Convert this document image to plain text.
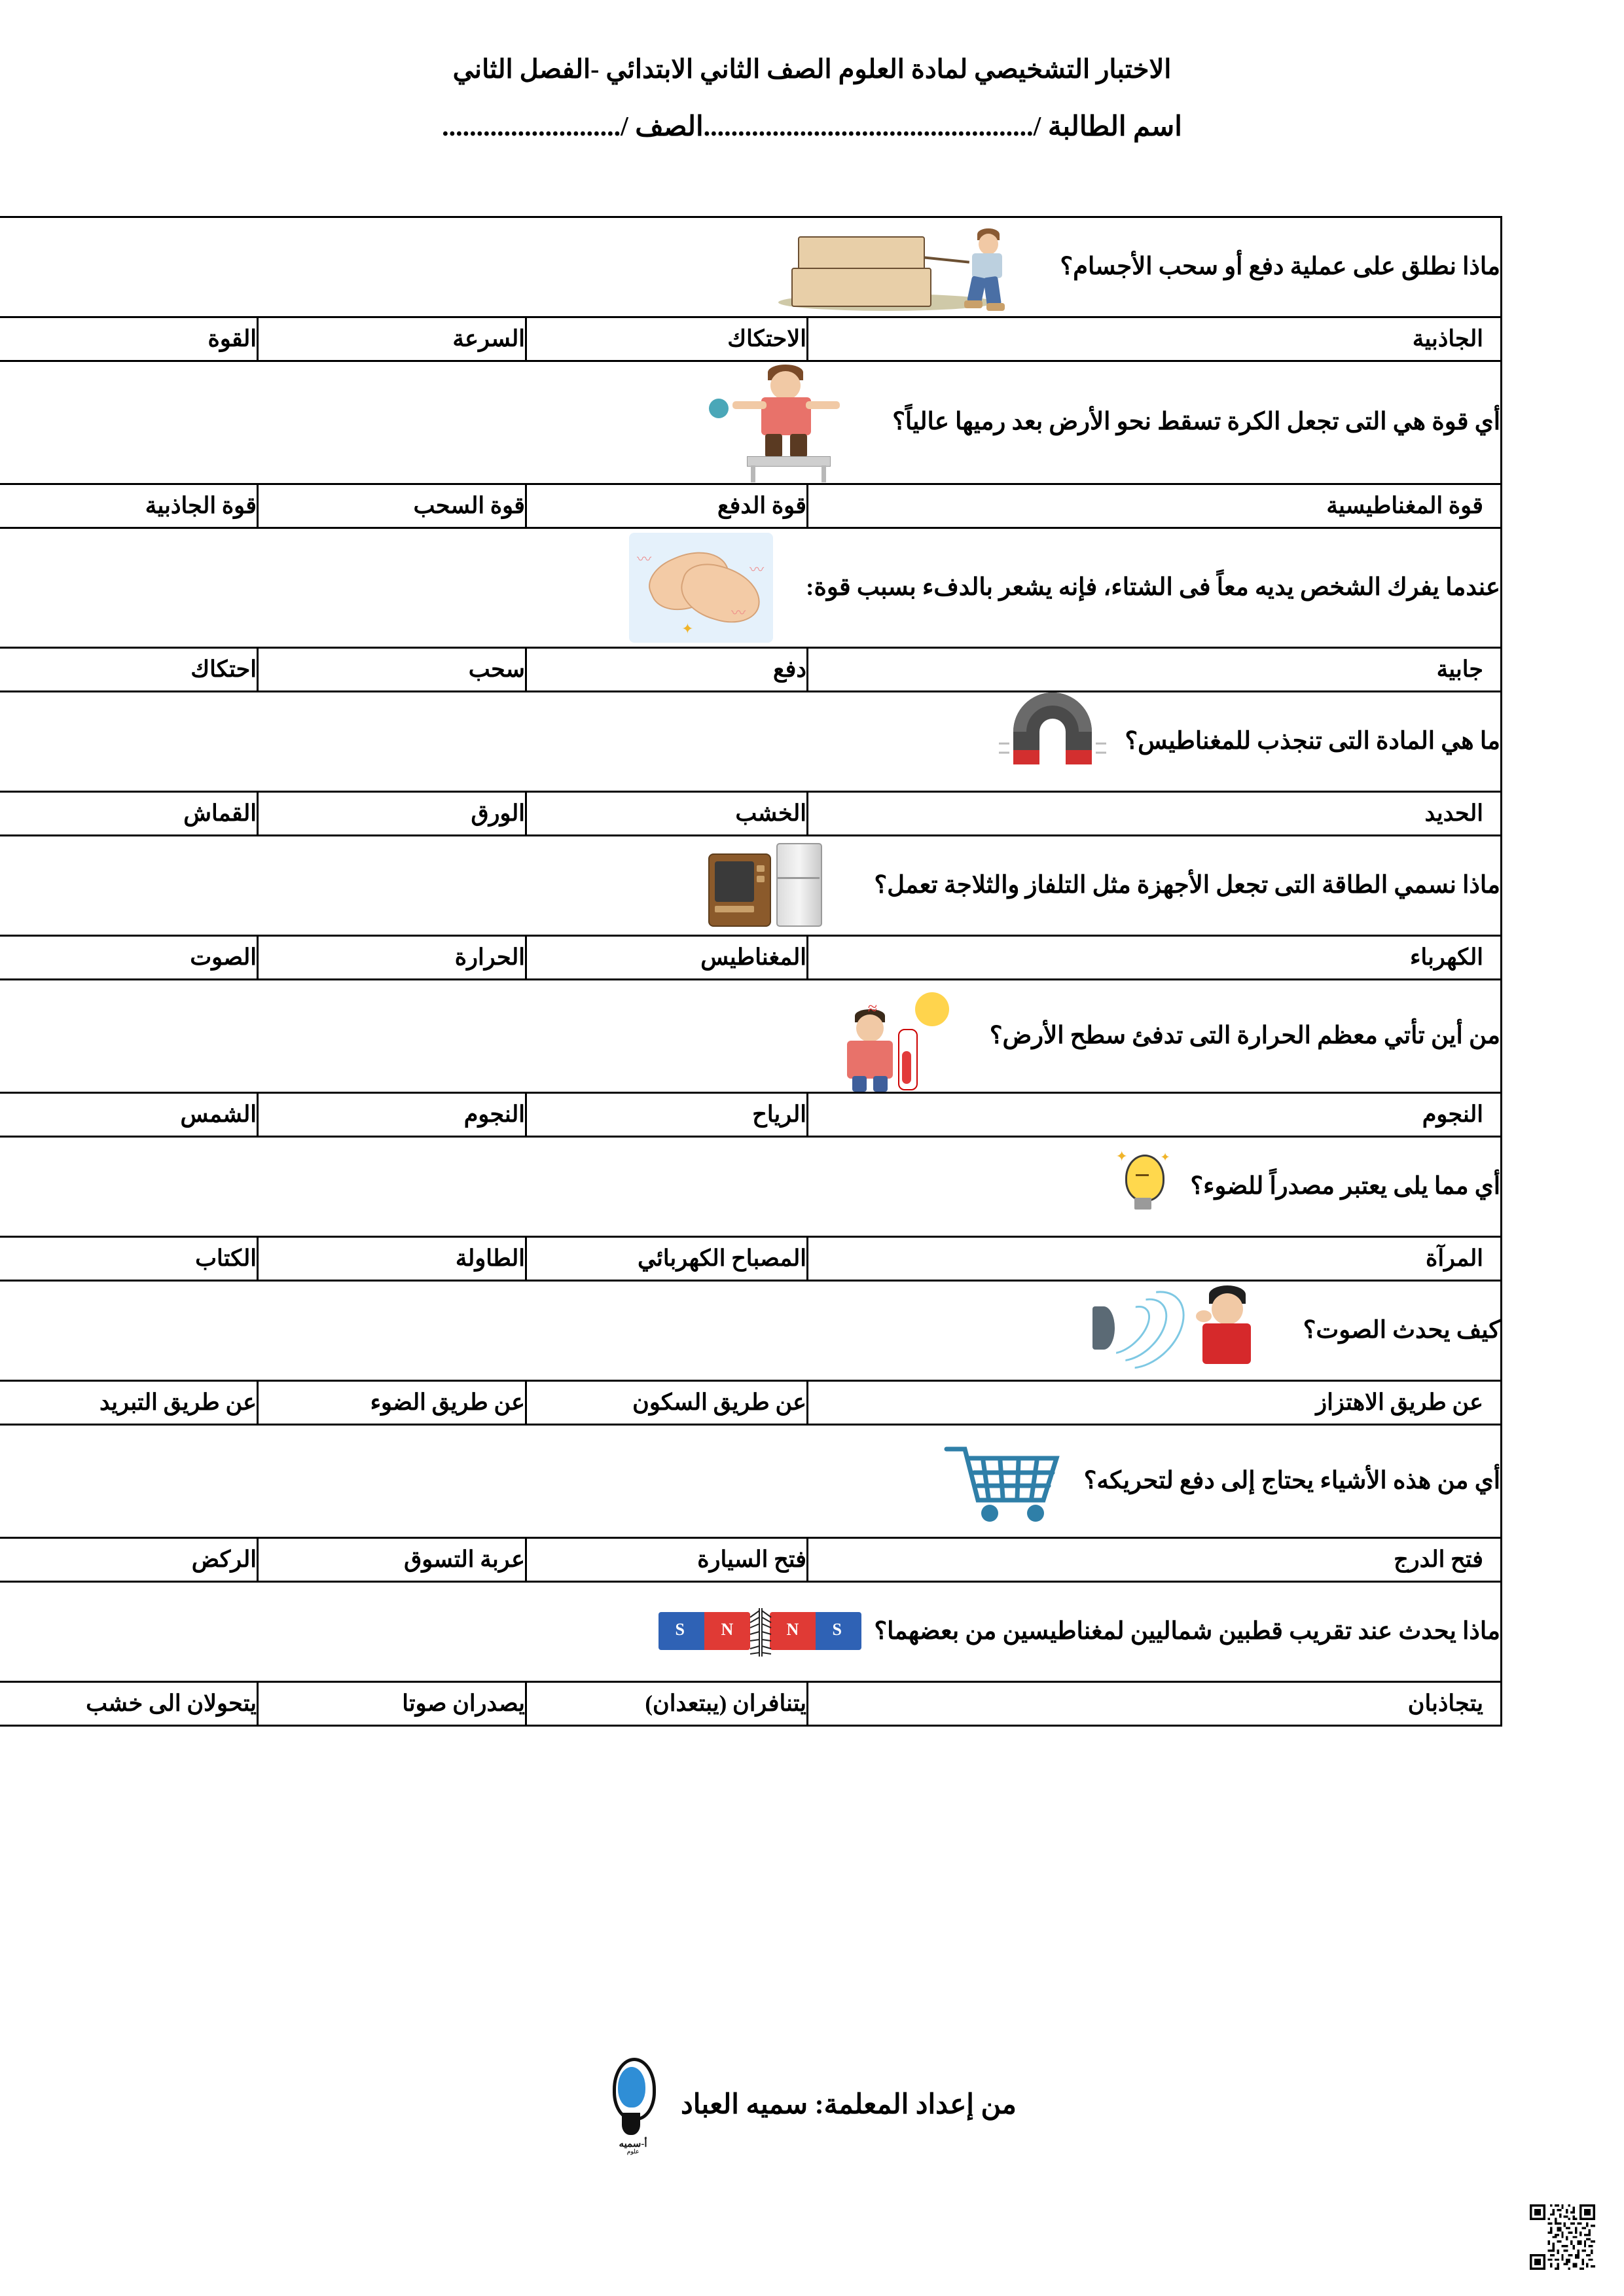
الاختبار التشخيصي لمادة العلوم الصف الثاني الابتدائي -الفصل الثاني
اسم الطالبة /................................................الصف /..........................
ماذا نطلق على عملية دفع أو سحب الأجسام؟			

الجاذبية	الاحتكاك	السرعة	القوة

أي قوة هي التى تجعل الكرة تسقط نحو الأرض بعد رميها عالياً؟			

قوة المغناطيسية	قوة الدفع	قوة السحب	قوة الجاذبية

عندما يفرك الشخص يديه معاً فى الشتاء، فإنه يشعر بالدفء بسبب قوة:
〰
〰
〰
✦			

جابية	دفع	سحب	احتكاك

ما هي المادة التى تنجذب للمغناطيس؟			

الحديد	الخشب	الورق	القماش

ماذا نسمي الطاقة التى تجعل الأجهزة مثل التلفاز والثلاجة تعمل؟			

الكهرباء	المغناطيس	الحرارة	الصوت

من أين تأتي معظم الحرارة التى تدفئ سطح الأرض؟
≈			

النجوم	الرياح	النجوم	الشمس

أي مما يلى يعتبر مصدراً للضوء؟
✦ ✦			

المرآة	المصباح الكهربائي	الطاولة	الكتاب

كيف يحدث الصوت؟			

عن طريق الاهتزاز	عن طريق السكون	عن طريق الضوء	عن طريق التبريد

أي من هذه الأشياء يحتاج إلى دفع لتحريكه؟			

فتح الدرج	فتح السيارة	عربة التسوق	الركض

ماذا يحدث عند تقريب قطبين شماليين لمغناطيسين من بعضهما؟
S N N S			

يتجاذبان	يتنافران (يبتعدان)	يصدران صوتا	يتحولان الى خشب
من إعداد المعلمة: سميه العباد
أ-سميه
علوم
